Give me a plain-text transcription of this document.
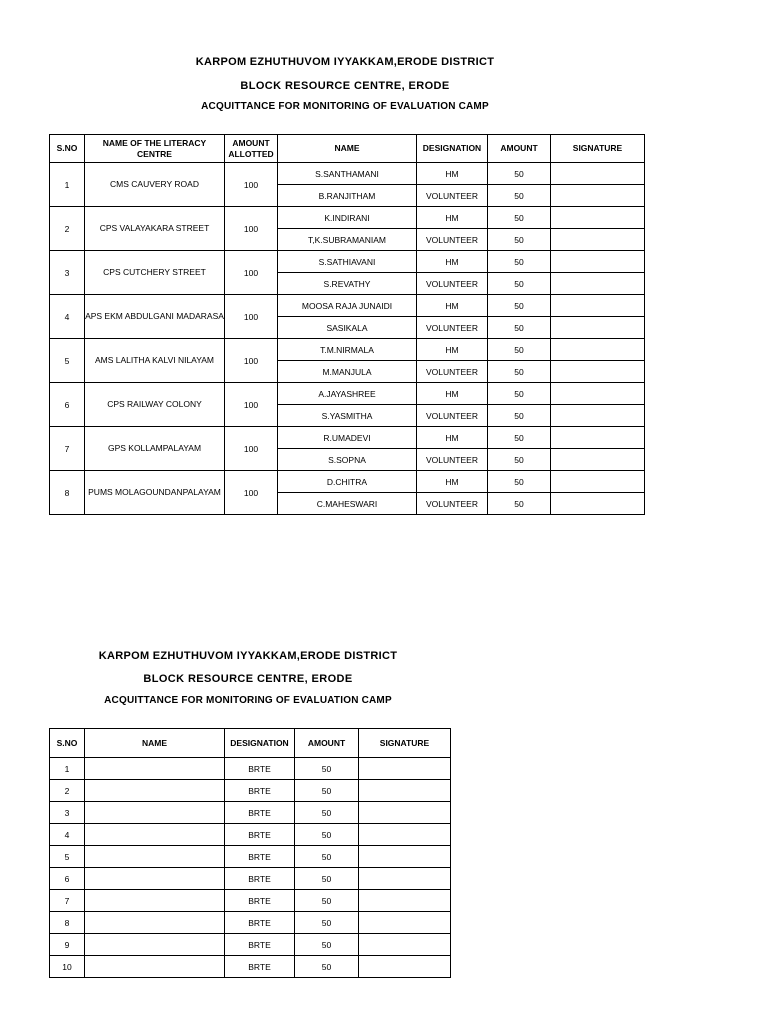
KARPOM EZHUTHUVOM IYYAKKAM,ERODE DISTRICT
BLOCK RESOURCE CENTRE, ERODE
ACQUITTANCE FOR MONITORING OF EVALUATION CAMP
S.NO	NAME OF THE LITERACY CENTRE	AMOUNT ALLOTTED	NAME	DESIGNATION	AMOUNT	SIGNATURE
1	CMS CAUVERY ROAD	100	S.SANTHAMANI	HM	50	
			B.RANJITHAM	VOLUNTEER	50	
2	CPS VALAYAKARA STREET	100	K.INDIRANI	HM	50	
			T,K.SUBRAMANIAM	VOLUNTEER	50	
3	CPS CUTCHERY STREET	100	S.SATHIAVANI	HM	50	
			S.REVATHY	VOLUNTEER	50	
4	APS EKM ABDULGANI MADARASA	100	MOOSA RAJA JUNAIDI	HM	50	
			SASIKALA	VOLUNTEER	50	
5	AMS LALITHA KALVI NILAYAM	100	T.M.NIRMALA	HM	50	
			M.MANJULA	VOLUNTEER	50	
6	CPS RAILWAY COLONY	100	A.JAYASHREE	HM	50	
			S.YASMITHA	VOLUNTEER	50	
7	GPS KOLLAMPALAYAM	100	R.UMADEVI	HM	50	
			S.SOPNA	VOLUNTEER	50	
8	PUMS MOLAGOUNDANPALAYAM	100	D.CHITRA	HM	50	
			C.MAHESWARI	VOLUNTEER	50	
KARPOM EZHUTHUVOM IYYAKKAM,ERODE DISTRICT
BLOCK RESOURCE CENTRE, ERODE
ACQUITTANCE FOR MONITORING OF EVALUATION CAMP
S.NO	NAME	DESIGNATION	AMOUNT	SIGNATURE
1		BRTE	50	
2		BRTE	50	
3		BRTE	50	
4		BRTE	50	
5		BRTE	50	
6		BRTE	50	
7		BRTE	50	
8		BRTE	50	
9		BRTE	50	
10		BRTE	50	
